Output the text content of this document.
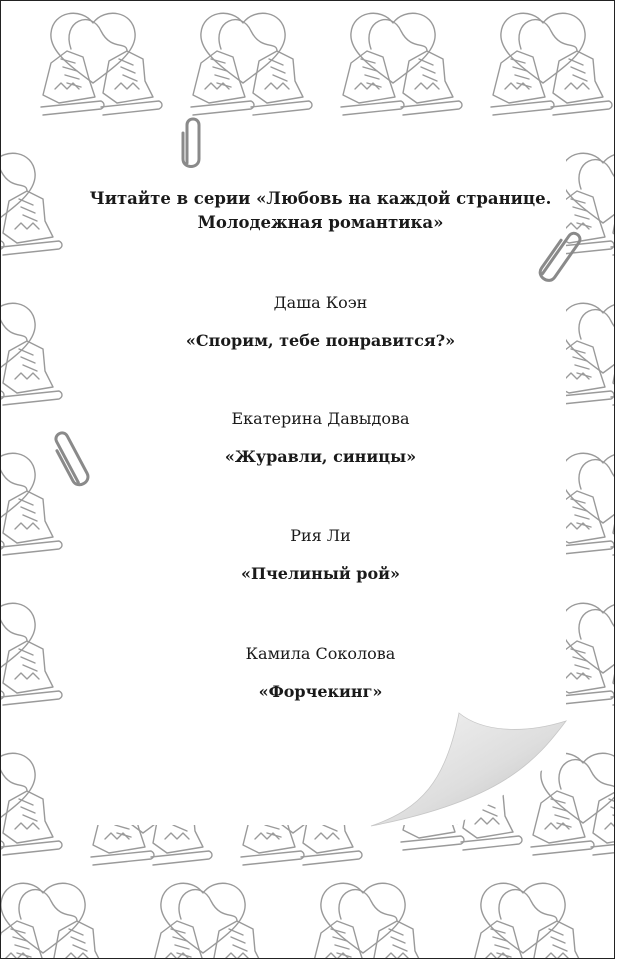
Читайте в серии «Любовь на каждой странице.
Молодежная романтика»
Даша Коэн
«Спорим, тебе понравится?»
Екатерина Давыдова
«Журавли, синицы»
Рия Ли
«Пчелиный рой»
Камила Соколова
«Форчекинг»
